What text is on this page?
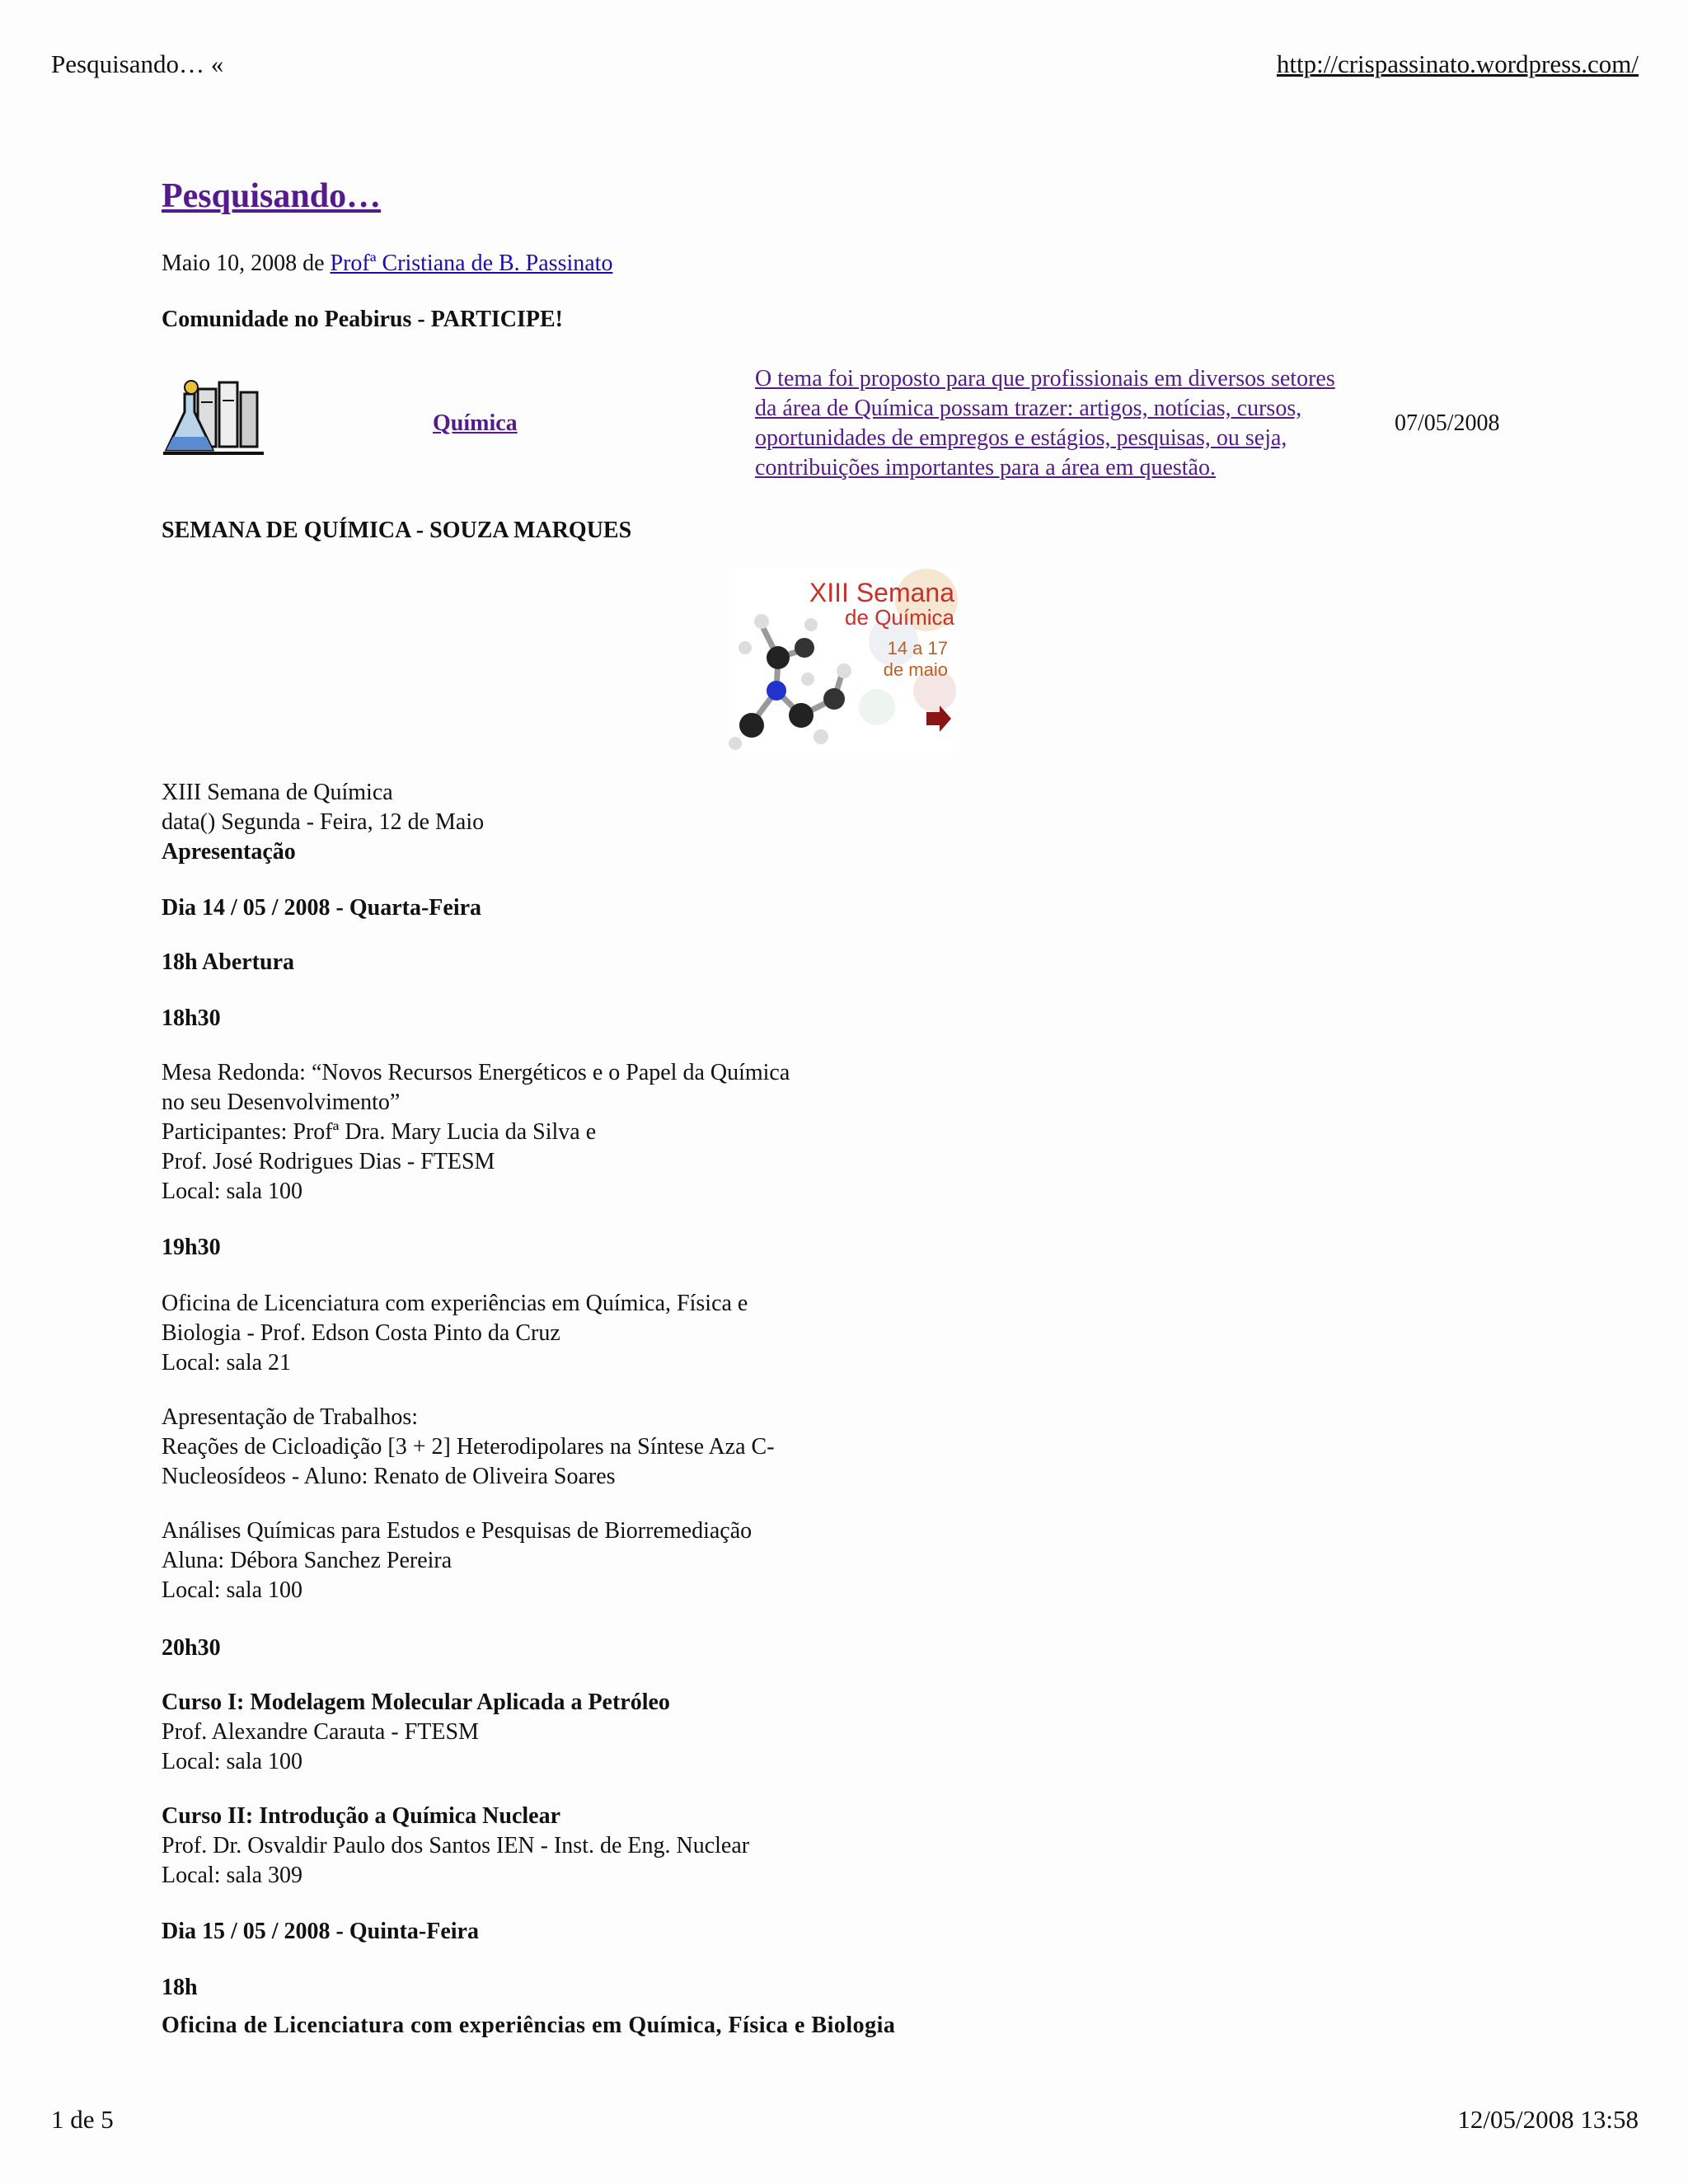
Pesquisando… «	http://crispassinato.wordpress.com/
Pesquisando…
Maio 10, 2008 de Profª Cristiana de B. Passinato
Comunidade no Peabirus - PARTICIPE!
Química
O tema foi proposto para que profissionais em diversos setores
da área de Química possam trazer: artigos, notícias, cursos,
oportunidades de empregos e estágios, pesquisas, ou seja,
contribuições importantes para a área em questão.
07/05/2008
SEMANA DE QUÍMICA - SOUZA MARQUES
XIII Semana
de Química
14 a 17
de maio
XIII Semana de Química
data() Segunda - Feira, 12 de Maio
Apresentação
Dia 14 / 05 / 2008 - Quarta-Feira
18h Abertura
18h30
Mesa Redonda: “Novos Recursos Energéticos e o Papel da Química
no seu Desenvolvimento”
Participantes: Profª Dra. Mary Lucia da Silva e
Prof. José Rodrigues Dias - FTESM
Local: sala 100
19h30
Oficina de Licenciatura com experiências em Química, Física e
Biologia - Prof. Edson Costa Pinto da Cruz
Local: sala 21
Apresentação de Trabalhos:
Reações de Cicloadição [3 + 2] Heterodipolares na Síntese Aza C-
Nucleosídeos - Aluno: Renato de Oliveira Soares
Análises Químicas para Estudos e Pesquisas de Biorremediação
Aluna: Débora Sanchez Pereira
Local: sala 100
20h30
Curso I: Modelagem Molecular Aplicada a Petróleo
Prof. Alexandre Carauta - FTESM
Local: sala 100
Curso II: Introdução a Química Nuclear
Prof. Dr. Osvaldir Paulo dos Santos IEN - Inst. de Eng. Nuclear
Local: sala 309
Dia 15 / 05 / 2008 - Quinta-Feira
18h
Oficina de Licenciatura com experiências em Química, Física e Biologia
1 de 5	12/05/2008 13:58
